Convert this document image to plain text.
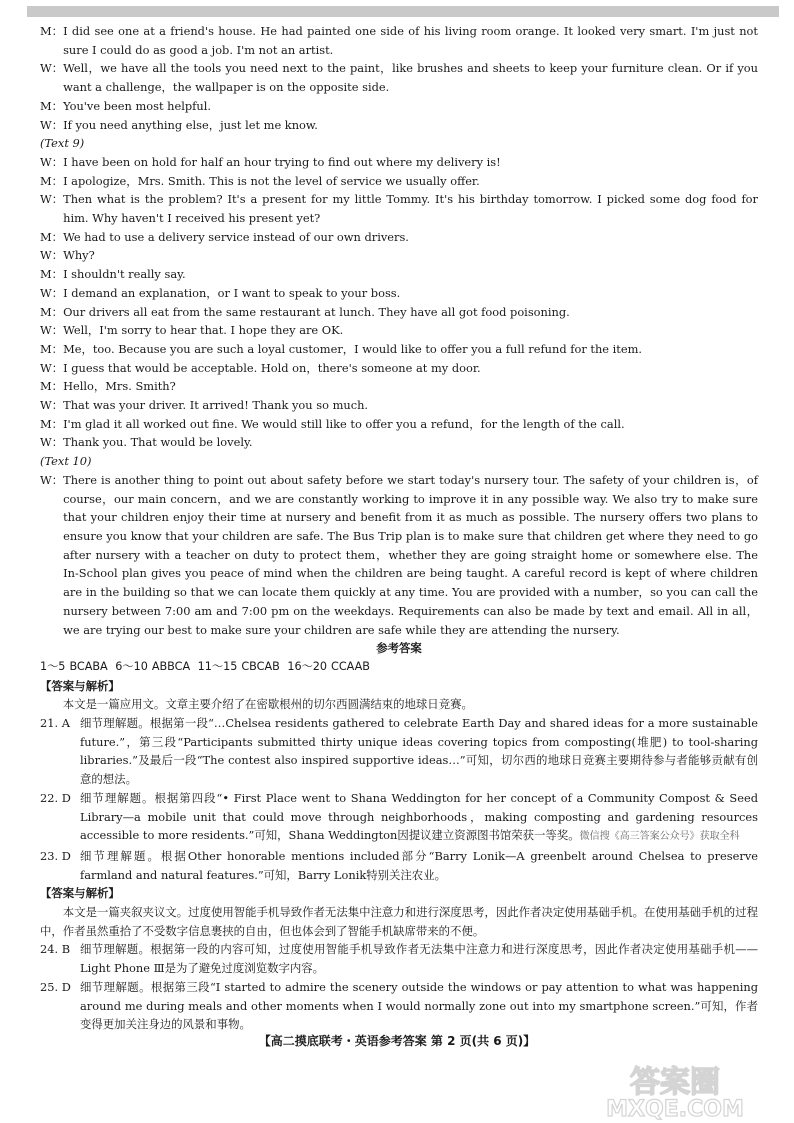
M： I did see one at a friend's house. He had painted one side of his living room orange. It looked very smart. I'm just not sure I could do as good a job. I'm not an artist.
W： Well，we have all the tools you need next to the paint，like brushes and sheets to keep your furniture clean. Or if you want a challenge，the wallpaper is on the opposite side.
M： You've been most helpful.
W： If you need anything else，just let me know.
(Text 9)
W： I have been on hold for half an hour trying to find out where my delivery is!
M： I apologize，Mrs. Smith. This is not the level of service we usually offer.
W： Then what is the problem? It's a present for my little Tommy. It's his birthday tomorrow. I picked some dog food for him. Why haven't I received his present yet?
M： We had to use a delivery service instead of our own drivers.
W： Why?
M： I shouldn't really say.
W： I demand an explanation，or I want to speak to your boss.
M： Our drivers all eat from the same restaurant at lunch. They have all got food poisoning.
W： Well，I'm sorry to hear that. I hope they are OK.
M： Me，too. Because you are such a loyal customer，I would like to offer you a full refund for the item.
W： I guess that would be acceptable. Hold on，there's someone at my door.
M： Hello，Mrs. Smith?
W： That was your driver. It arrived! Thank you so much.
M： I'm glad it all worked out fine. We would still like to offer you a refund，for the length of the call.
W： Thank you. That would be lovely.
(Text 10)
W： There is another thing to point out about safety before we start today's nursery tour. The safety of your children is，of course，our main concern，and we are constantly working to improve it in any possible way. We also try to make sure that your children enjoy their time at nursery and benefit from it as much as possible. The nursery offers two plans to ensure you know that your children are safe. The Bus Trip plan is to make sure that children get where they need to go after nursery with a teacher on duty to protect them，whether they are going straight home or somewhere else. The In-School plan gives you peace of mind when the children are being taught. A careful record is kept of where children are in the building so that we can locate them quickly at any time. You are provided with a number，so you can call the nursery between 7:00 am and 7:00 pm on the weekdays. Requirements can also be made by text and email. All in all，we are trying our best to make sure your children are safe while they are attending the nursery.
参考答案
1～5 BCABA 6～10 ABBCA 11～15 CBCAB 16～20 CCAAB
【答案与解析】
本文是一篇应用文。文章主要介绍了在密歇根州的切尔西圆满结束的地球日竞赛。
21. A 细节理解题。根据第一段“…Chelsea residents gathered to celebrate Earth Day and shared ideas for a more sustainable future.”，第三段“Participants submitted thirty unique ideas covering topics from composting(堆肥) to tool-sharing libraries.”及最后一段“The contest also inspired supportive ideas…”可知，切尔西的地球日竞赛主要期待参与者能够贡献有创意的想法。
22. D 细节理解题。根据第四段“• First Place went to Shana Weddington for her concept of a Community Compost & Seed Library—a mobile unit that could move through neighborhoods，making composting and gardening resources accessible to more residents.”可知，Shana Weddington因提议建立资源图书馆荣获一等奖。微信搜《高三答案公众号》获取全科
23. D 细节理解题。根据Other honorable mentions included部分“Barry Lonik—A greenbelt around Chelsea to preserve farmland and natural features.”可知，Barry Lonik特别关注农业。
【答案与解析】
本文是一篇夹叙夹议文。过度使用智能手机导致作者无法集中注意力和进行深度思考，因此作者决定使用基础手机。在使用基础手机的过程中，作者虽然重拾了不受数字信息裹挟的自由，但也体会到了智能手机缺席带来的不便。
24. B 细节理解题。根据第一段的内容可知，过度使用智能手机导致作者无法集中注意力和进行深度思考，因此作者决定使用基础手机——Light Phone Ⅲ是为了避免过度浏览数字内容。
25. D 细节理解题。根据第三段“I started to admire the scenery outside the windows or pay attention to what was happening around me during meals and other moments when I would normally zone out into my smartphone screen.”可知，作者变得更加关注身边的风景和事物。
【高二摸底联考・英语参考答案 第 2 页(共 6 页)】
答案圈
MXQE.COM
